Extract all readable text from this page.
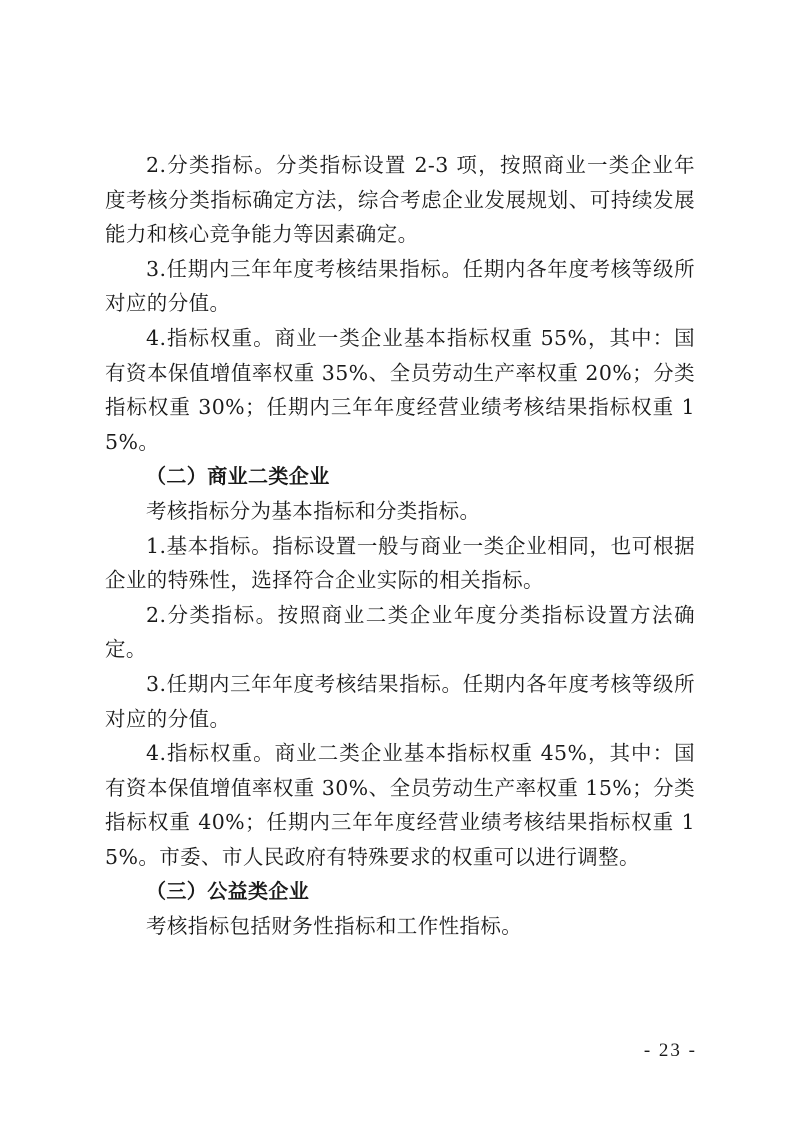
2.分类指标。分类指标设置 2-3 项，按照商业一类企业年度考核分类指标确定方法，综合考虑企业发展规划、可持续发展能力和核心竞争能力等因素确定。

3.任期内三年年度考核结果指标。任期内各年度考核等级所对应的分值。

4.指标权重。商业一类企业基本指标权重 55%，其中：国有资本保值增值率权重 35%、全员劳动生产率权重 20%；分类指标权重 30%；任期内三年年度经营业绩考核结果指标权重 15%。

（二）商业二类企业

考核指标分为基本指标和分类指标。

1.基本指标。指标设置一般与商业一类企业相同，也可根据企业的特殊性，选择符合企业实际的相关指标。

2.分类指标。按照商业二类企业年度分类指标设置方法确定。

3.任期内三年年度考核结果指标。任期内各年度考核等级所对应的分值。

4.指标权重。商业二类企业基本指标权重 45%，其中：国有资本保值增值率权重 30%、全员劳动生产率权重 15%；分类指标权重 40%；任期内三年年度经营业绩考核结果指标权重 15%。市委、市人民政府有特殊要求的权重可以进行调整。

（三）公益类企业

考核指标包括财务性指标和工作性指标。

- 23 -
